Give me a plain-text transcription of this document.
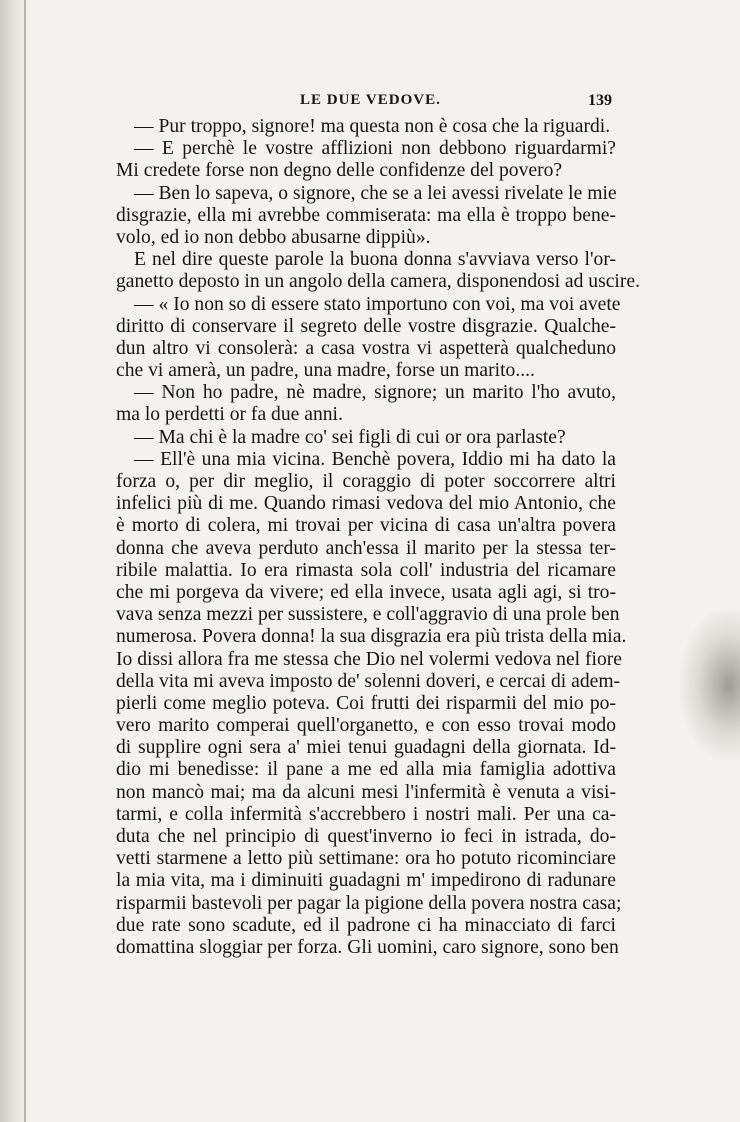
LE DUE VEDOVE.	139
— Pur troppo, signore! ma questa non è cosa che la riguardi.
— E perchè le vostre afflizioni non debbono riguardarmi?
Mi credete forse non degno delle confidenze del povero?
— Ben lo sapeva, o signore, che se a lei avessi rivelate le mie
disgrazie, ella mi avrebbe commiserata: ma ella è troppo bene-
volo, ed io non debbo abusarne dippiù».
E nel dire queste parole la buona donna s'avviava verso l'or-
ganetto deposto in un angolo della camera, disponendosi ad uscire.
— « Io non so di essere stato importuno con voi, ma voi avete
diritto di conservare il segreto delle vostre disgrazie. Qualche-
dun altro vi consolerà: a casa vostra vi aspetterà qualcheduno
che vi amerà, un padre, una madre, forse un marito....
— Non ho padre, nè madre, signore; un marito l'ho avuto,
ma lo perdetti or fa due anni.
— Ma chi è la madre co' sei figli di cui or ora parlaste?
— Ell'è una mia vicina. Benchè povera, Iddio mi ha dato la
forza o, per dir meglio, il coraggio di poter soccorrere altri
infelici più di me. Quando rimasi vedova del mio Antonio, che
è morto di colera, mi trovai per vicina di casa un'altra povera
donna che aveva perduto anch'essa il marito per la stessa ter-
ribile malattia. Io era rimasta sola coll' industria del ricamare
che mi porgeva da vivere; ed ella invece, usata agli agi, si tro-
vava senza mezzi per sussistere, e coll'aggravio di una prole ben
numerosa. Povera donna! la sua disgrazia era più trista della mia.
Io dissi allora fra me stessa che Dio nel volermi vedova nel fiore
della vita mi aveva imposto de' solenni doveri, e cercai di adem-
pierli come meglio poteva. Coi frutti dei risparmii del mio po-
vero marito comperai quell'organetto, e con esso trovai modo
di supplire ogni sera a' miei tenui guadagni della giornata. Id-
dio mi benedisse: il pane a me ed alla mia famiglia adottiva
non mancò mai; ma da alcuni mesi l'infermità è venuta a visi-
tarmi, e colla infermità s'accrebbero i nostri mali. Per una ca-
duta che nel principio di quest'inverno io feci in istrada, do-
vetti starmene a letto più settimane: ora ho potuto ricominciare
la mia vita, ma i diminuiti guadagni m' impedirono di radunare
risparmii bastevoli per pagar la pigione della povera nostra casa;
due rate sono scadute, ed il padrone ci ha minacciato di farci
domattina sloggiar per forza. Gli uomini, caro signore, sono ben
